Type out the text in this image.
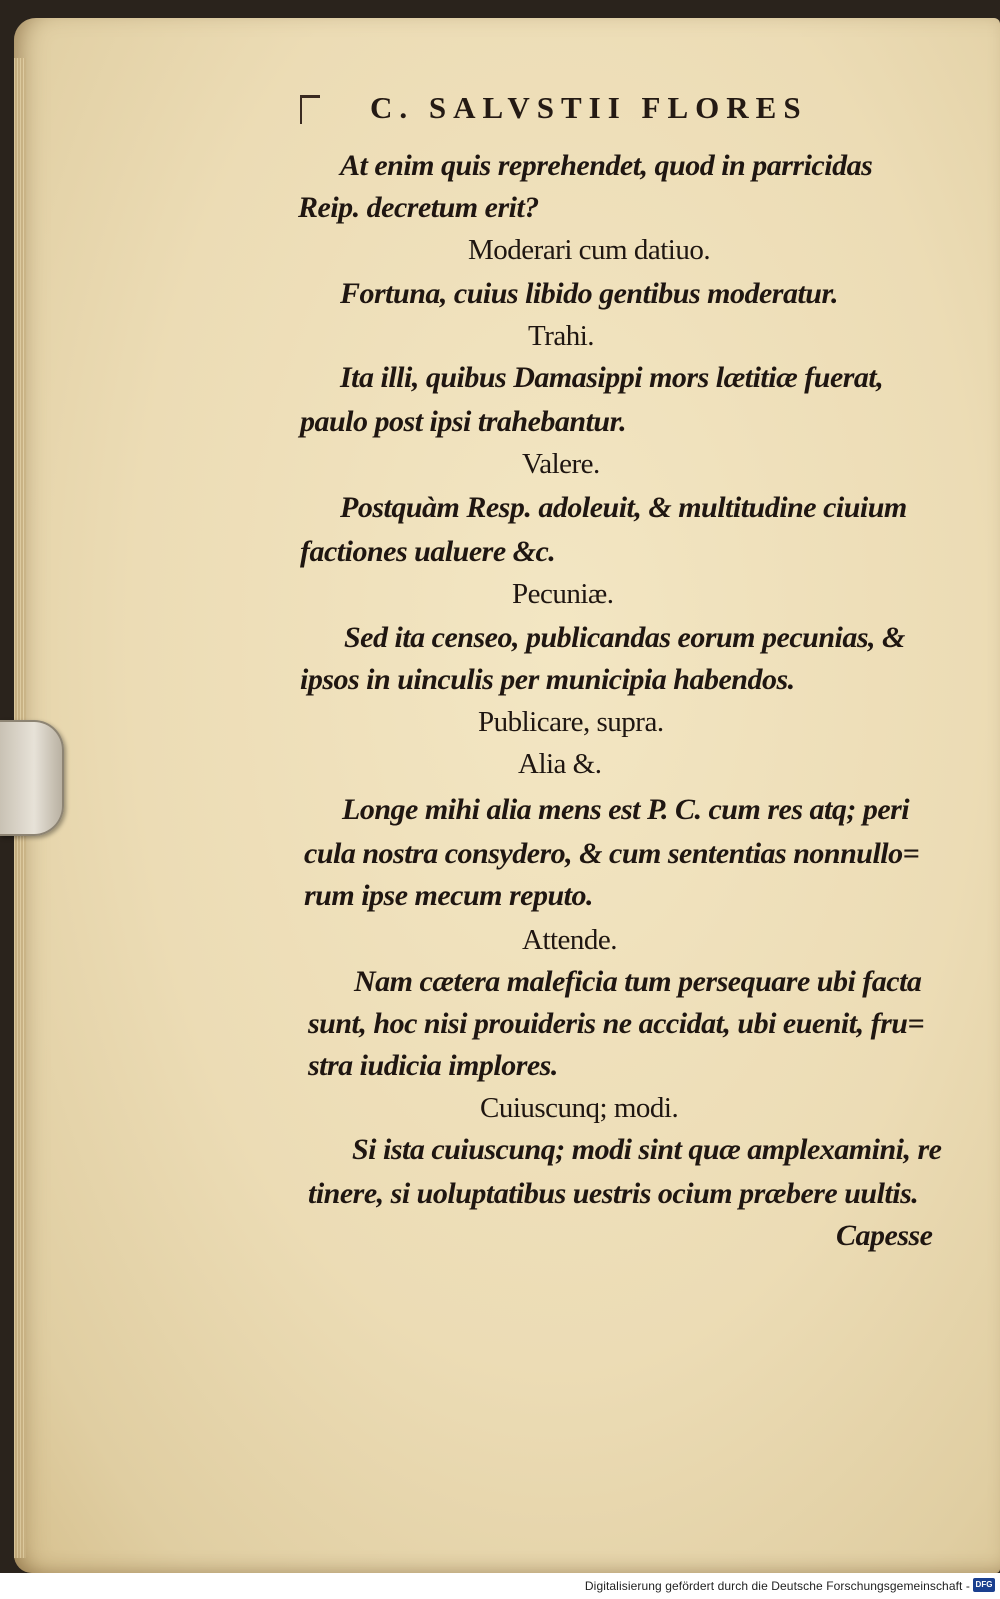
C. SALVSTII FLORES
At enim quis reprehendet, quod in parricidas
Reip. decretum erit?
Moderari cum datiuo.
Fortuna, cuius libido gentibus moderatur.
Trahi.
Ita illi, quibus Damasippi mors lætitiæ fuerat,
paulo post ipsi trahebantur.
Valere.
Postquàm Resp. adoleuit, & multitudine ciuium
factiones ualuere &c.
Pecuniæ.
Sed ita censeo, publicandas eorum pecunias, &
ipsos in uinculis per municipia habendos.
Publicare, supra.
Alia &.
Longe mihi alia mens est P. C. cum res atq; peri
cula nostra consydero, & cum sententias nonnullo=
rum ipse mecum reputo.
Attende.
Nam cætera maleficia tum persequare ubi facta
sunt, hoc nisi prouideris ne accidat, ubi euenit, fru=
stra iudicia implores.
Cuiuscunq; modi.
Si ista cuiuscunq; modi sint quæ amplexamini, re
tinere, si uoluptatibus uestris ocium præbere uultis.
Capesse
Digitalisierung gefördert durch die Deutsche Forschungsgemeinschaft - DFG
